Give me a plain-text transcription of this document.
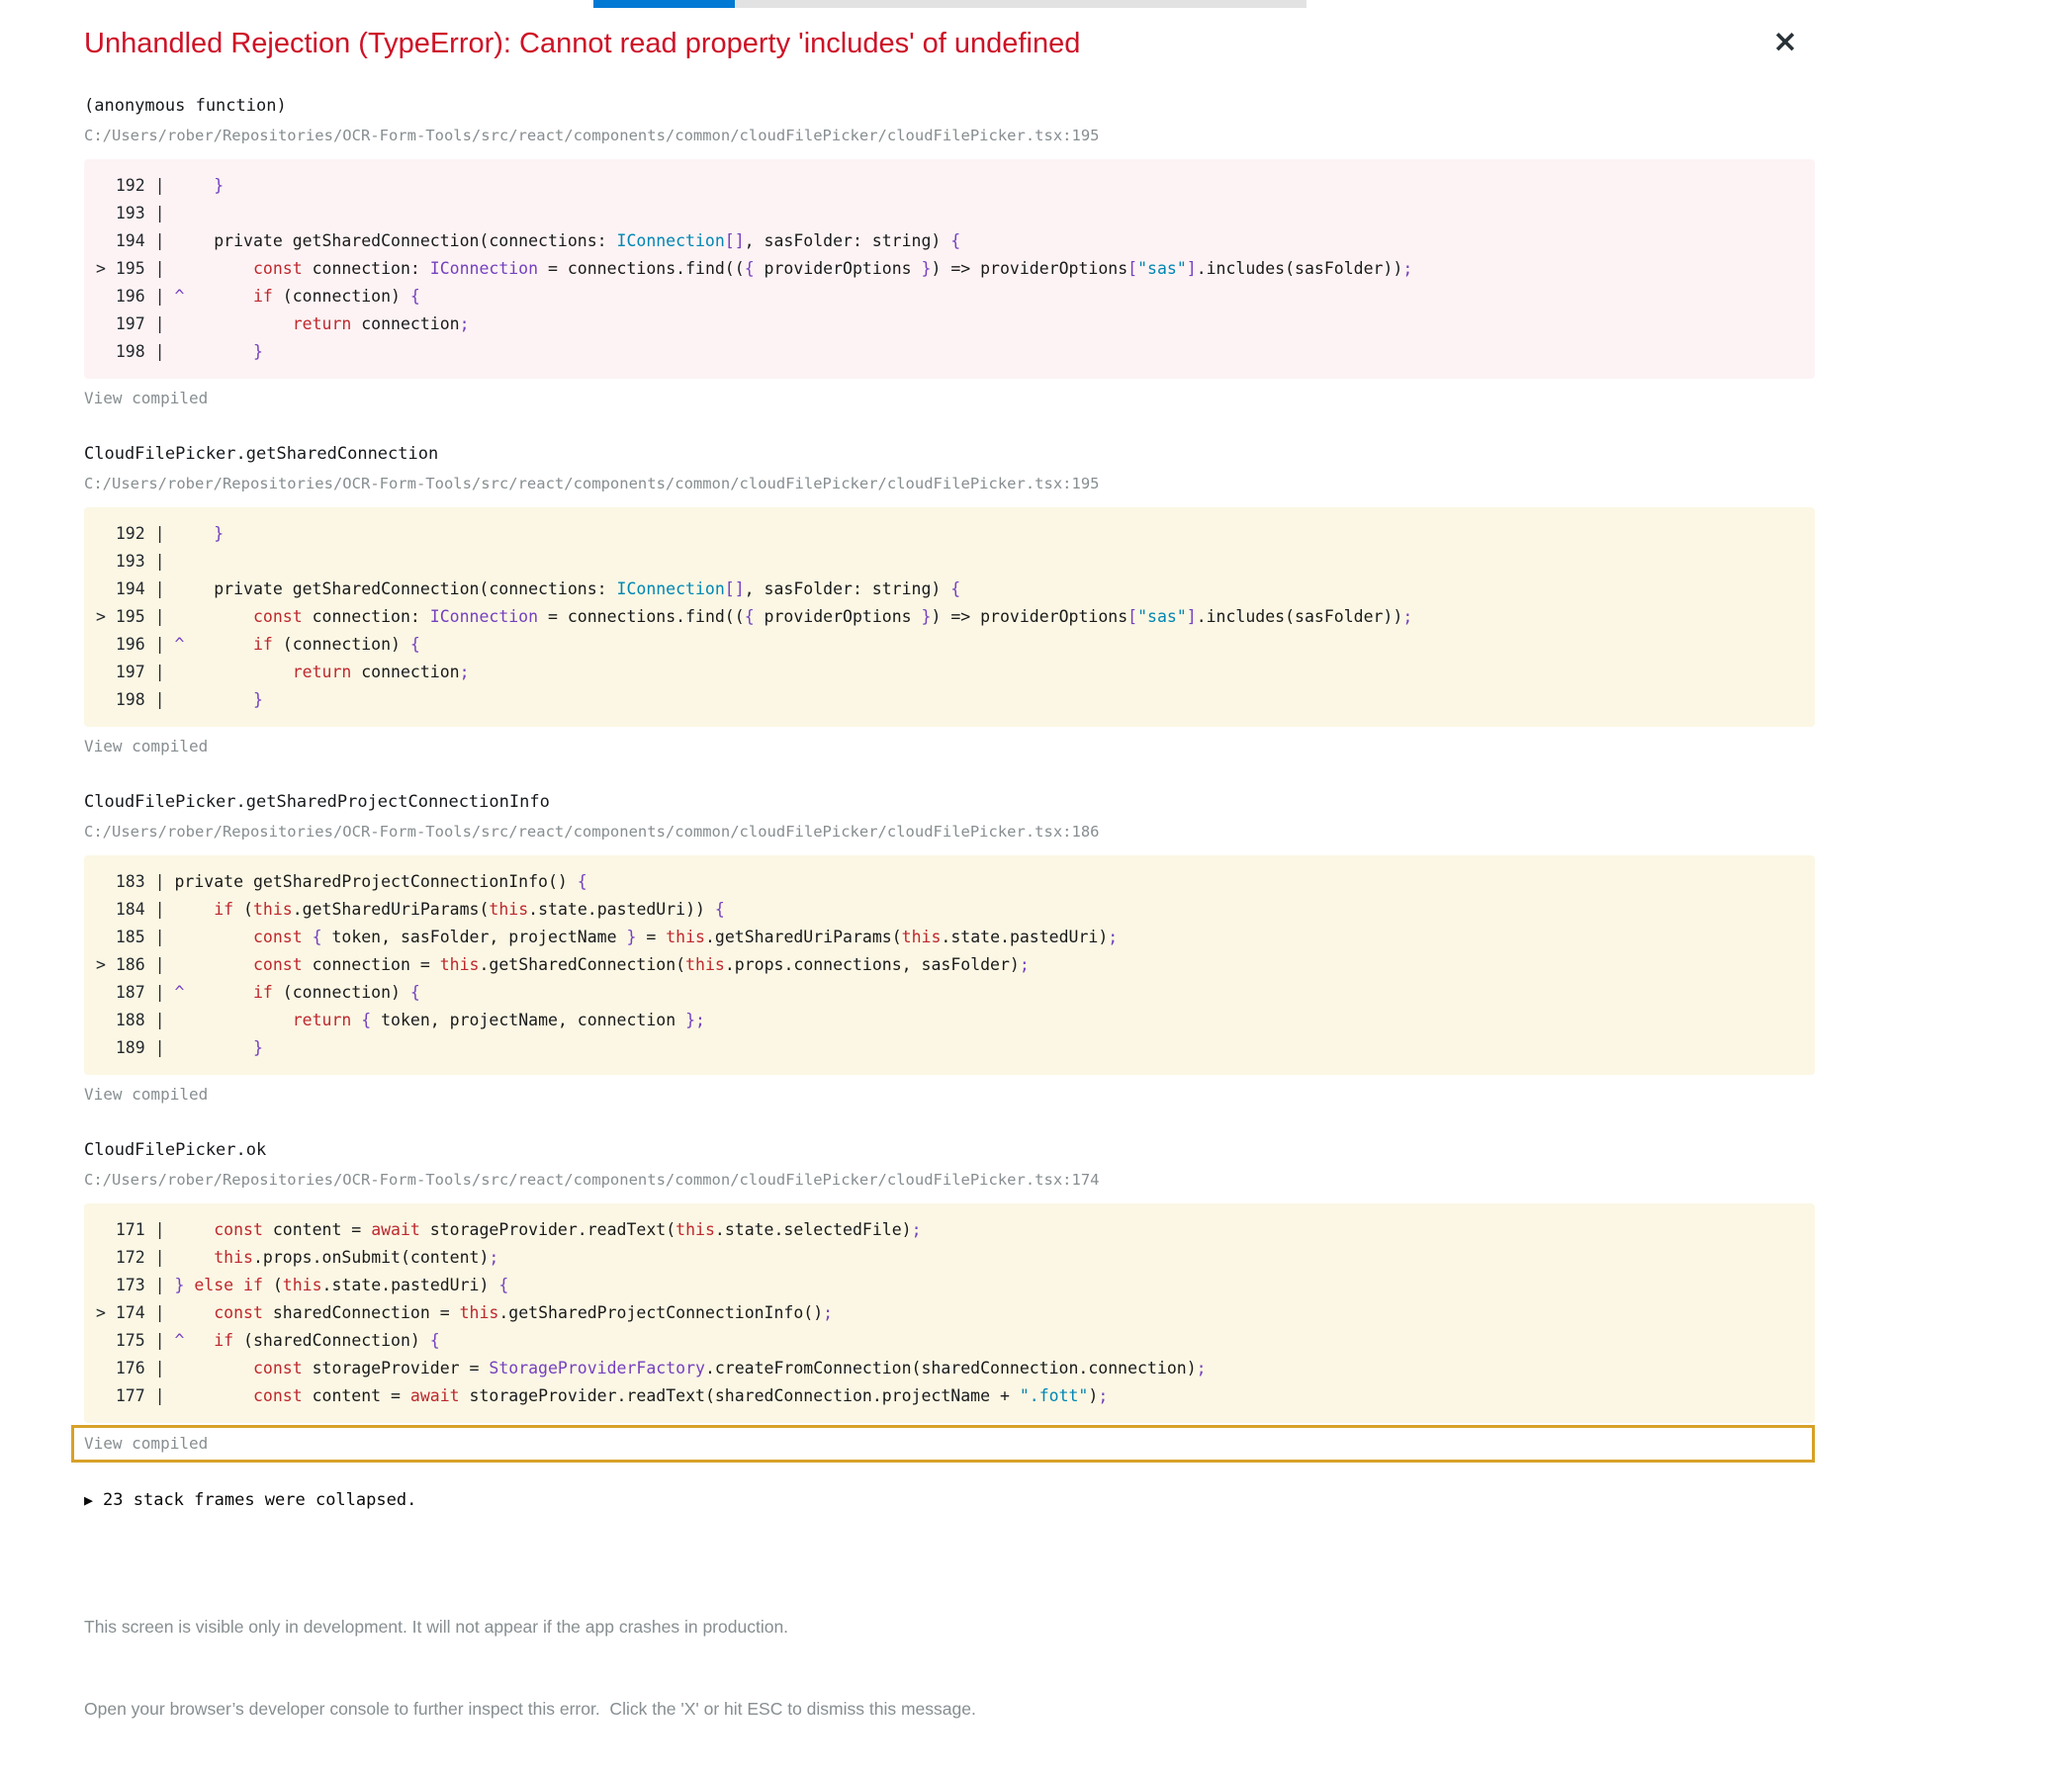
×
Unhandled Rejection (TypeError): Cannot read property 'includes' of undefined
(anonymous function)
C:/Users/rober/Repositories/OCR-Form-Tools/src/react/components/common/cloudFilePicker/cloudFilePicker.tsx:195
192 |     }
193 |
194 |     private getSharedConnection(connections: IConnection[], sasFolder: string) {
> 195 |	const connection: IConnection = connections.find(({ providerOptions }) => providerOptions["sas"].includes(sasFolder));
196 | ^	if (connection) {
197 |	return connection;
198 |	}
View compiled
CloudFilePicker.getSharedConnection
C:/Users/rober/Repositories/OCR-Form-Tools/src/react/components/common/cloudFilePicker/cloudFilePicker.tsx:195
192 |     }
193 |
194 |     private getSharedConnection(connections: IConnection[], sasFolder: string) {
> 195 |	const connection: IConnection = connections.find(({ providerOptions }) => providerOptions["sas"].includes(sasFolder));
196 | ^	if (connection) {
197 |	return connection;
198 |	}
View compiled
CloudFilePicker.getSharedProjectConnectionInfo
C:/Users/rober/Repositories/OCR-Form-Tools/src/react/components/common/cloudFilePicker/cloudFilePicker.tsx:186
183 | private getSharedProjectConnectionInfo() {
184 |     if (this.getSharedUriParams(this.state.pastedUri)) {
185 |	const { token, sasFolder, projectName } = this.getSharedUriParams(this.state.pastedUri);
> 186 |	const connection = this.getSharedConnection(this.props.connections, sasFolder);
187 | ^	if (connection) {
188 |	return { token, projectName, connection };
189 |	}
View compiled
CloudFilePicker.ok
C:/Users/rober/Repositories/OCR-Form-Tools/src/react/components/common/cloudFilePicker/cloudFilePicker.tsx:174
171 |     const content = await storageProvider.readText(this.state.selectedFile);
172 |     this.props.onSubmit(content);
173 | } else if (this.state.pastedUri) {
> 174 |     const sharedConnection = this.getSharedProjectConnectionInfo();
175 | ^ if (sharedConnection) {
176 |	const storageProvider = StorageProviderFactory.createFromConnection(sharedConnection.connection);
177 |	const content = await storageProvider.readText(sharedConnection.projectName + ".fott");
View compiled
▶ 23 stack frames were collapsed.

This screen is visible only in development. It will not appear if the app crashes in production.

Open your browser’s developer console to further inspect this error.  Click the 'X' or hit ESC to dismiss this message.
